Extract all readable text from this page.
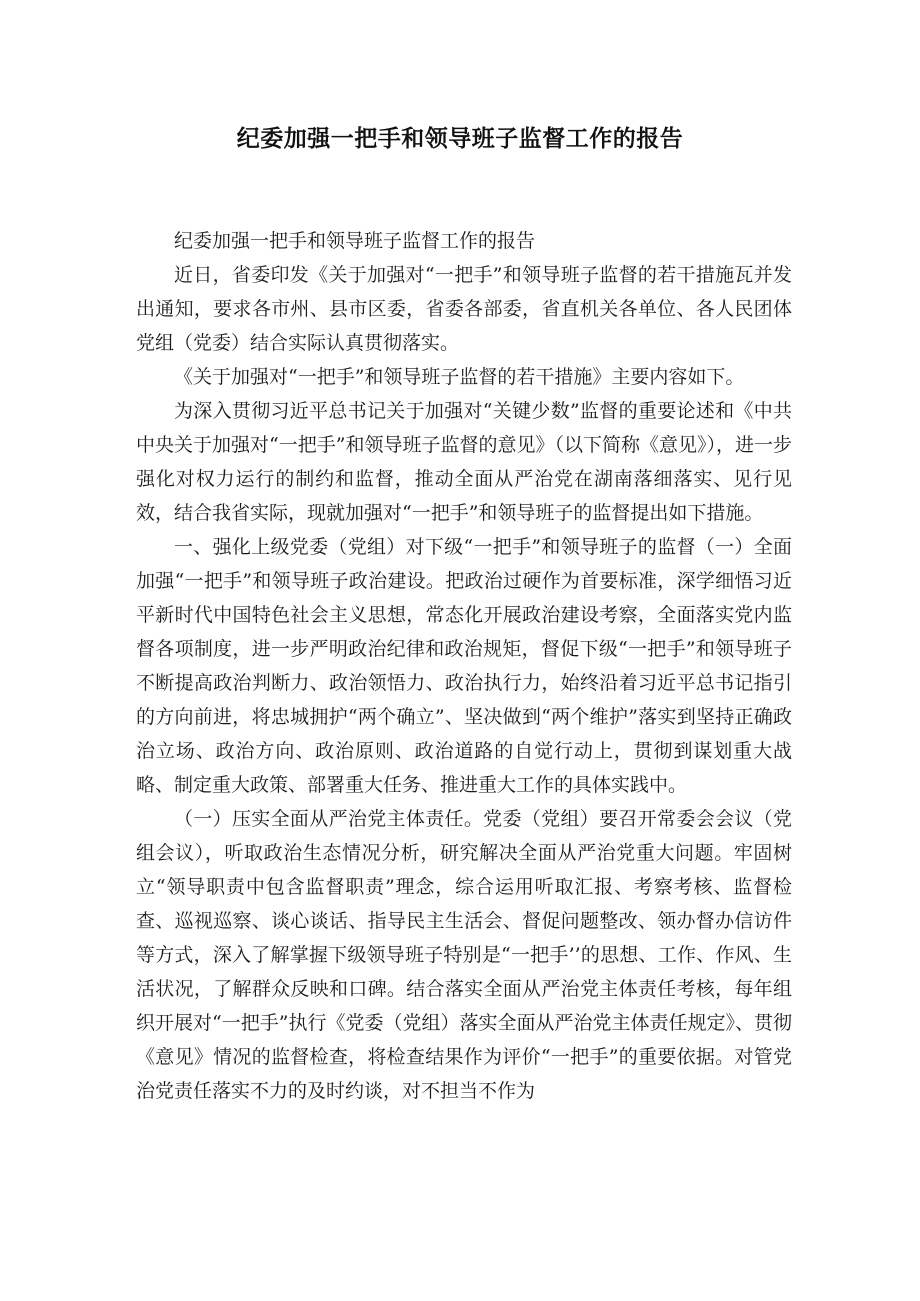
纪委加强一把手和领导班子监督工作的报告

纪委加强一把手和领导班子监督工作的报告

近日，省委印发《关于加强对“一把手”和领导班子监督的若干措施瓦并发出通知，要求各市州、县市区委，省委各部委，省直机关各单位、各人民团体党组（党委）结合实际认真贯彻落实。

《关于加强对“一把手”和领导班子监督的若干措施》主要内容如下。

为深入贯彻习近平总书记关于加强对“关键少数”监督的重要论述和《中共中央关于加强对“一把手”和领导班子监督的意见》（以下简称《意见》），进一步强化对权力运行的制约和监督，推动全面从严治党在湖南落细落实、见行见效，结合我省实际，现就加强对“一把手”和领导班子的监督提出如下措施。

一、强化上级党委（党组）对下级“一把手”和领导班子的监督（一）全面加强“一把手”和领导班子政治建设。把政治过硬作为首要标准，深学细悟习近平新时代中国特色社会主义思想，常态化开展政治建设考察，全面落实党内监督各项制度，进一步严明政治纪律和政治规矩，督促下级“一把手”和领导班子不断提高政治判断力、政治领悟力、政治执行力，始终沿着习近平总书记指引的方向前进，将忠城拥护“两个确立”、坚决做到“两个维护”落实到坚持正确政治立场、政治方向、政治原则、政治道路的自觉行动上，贯彻到谋划重大战略、制定重大政策、部署重大任务、推进重大工作的具体实践中。

（一）压实全面从严治党主体责任。党委（党组）要召开常委会会议（党组会议），听取政治生态情况分析，研究解决全面从严治党重大问题。牢固树立“领导职责中包含监督职责”理念，综合运用听取汇报、考察考核、监督检查、巡视巡察、谈心谈话、指导民主生活会、督促问题整改、领办督办信访件等方式，深入了解掌握下级领导班子特别是“一把手’’的思想、工作、作风、生活状况，了解群众反映和口碑。结合落实全面从严治党主体责任考核，每年组织开展对“一把手”执行《党委（党组）落实全面从严治党主体责任规定》、贯彻《意见》情况的监督检查，将检查结果作为评价“一把手”的重要依据。对管党治党责任落实不力的及时约谈，对不担当不作为
